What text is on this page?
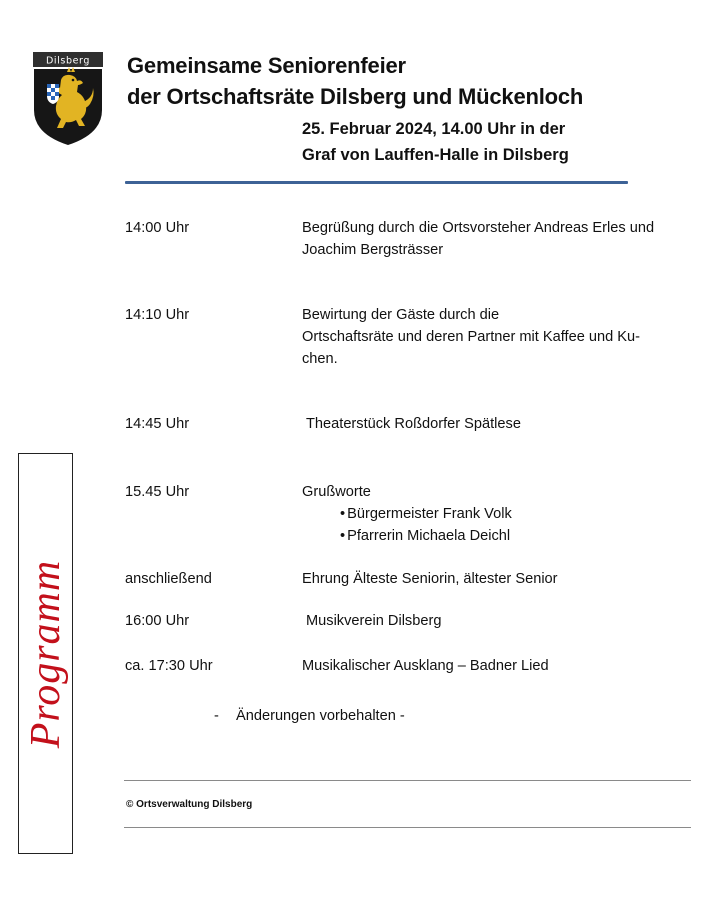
Dilsberg Gemeinsame Seniorenfeier
der Ortschaftsräte Dilsberg und Mückenloch
25. Februar 2024, 14.00 Uhr in der
Graf von Lauffen-Halle in Dilsberg
14:00 Uhr	Begrüßung durch die Ortsvorsteher Andreas Erles und
Joachim Bergsträsser
14:10 Uhr	Bewirtung der Gäste durch die
Ortschaftsräte und deren Partner mit Kaffee und Ku-
chen.
14:45 Uhr	Theaterstück Roßdorfer Spätlese
15.45 Uhr	Grußworte
• Bürgermeister Frank Volk
• Pfarrerin Michaela Deichl
anschließend	Ehrung Älteste Seniorin, ältester Senior
16:00 Uhr	Musikverein Dilsberg
ca. 17:30 Uhr	Musikalischer Ausklang – Badner Lied
- Änderungen vorbehalten -
Programm
© Ortsverwaltung Dilsberg
